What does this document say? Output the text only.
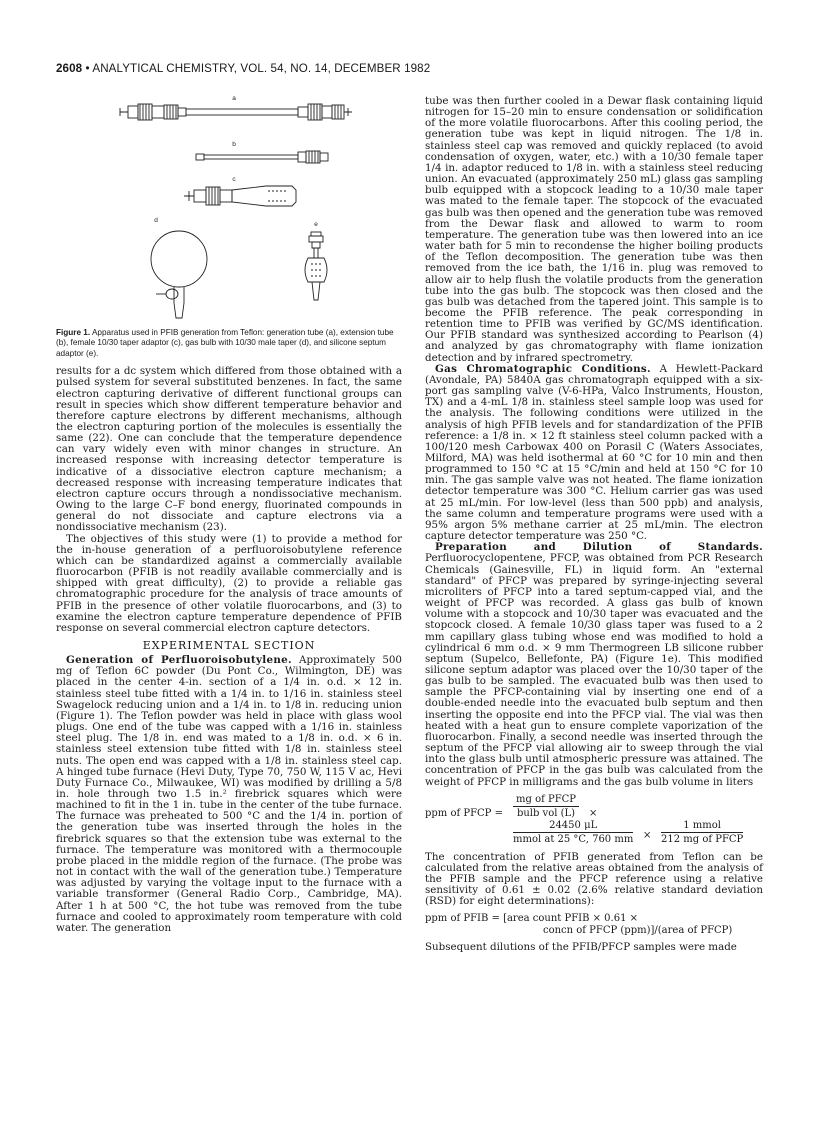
2608 • ANALYTICAL CHEMISTRY, VOL. 54, NO. 14, DECEMBER 1982
a
b
c
d
e
Figure 1. Apparatus used in PFIB generation from Teflon: generation tube (a), extension tube (b), female 10/30 taper adaptor (c), gas bulb with 10/30 male taper (d), and silicone septum adaptor (e).

results for a dc system which differed from those obtained with a pulsed system for several substituted benzenes. In fact, the same electron capturing derivative of different functional groups can result in species which show different temperature behavior and therefore capture electrons by different mechanisms, although the electron capturing portion of the molecules is essentially the same (22). One can conclude that the temperature dependence can vary widely even with minor changes in structure. An increased response with increasing detector temperature is indicative of a dissociative electron capture mechanism; a decreased response with increasing temperature indicates that electron capture occurs through a nondissociative mechanism. Owing to the large C–F bond energy, fluorinated compounds in general do not dissociate and capture electrons via a nondissociative mechanism (23).

The objectives of this study were (1) to provide a method for the in-house generation of a perfluoroisobutylene reference which can be standardized against a commercially available fluorocarbon (PFIB is not readily available commercially and is shipped with great difficulty), (2) to provide a reliable gas chromatographic procedure for the analysis of trace amounts of PFIB in the presence of other volatile fluorocarbons, and (3) to examine the electron capture temperature dependence of PFIB response on several commercial electron capture detectors.

EXPERIMENTAL SECTION

Generation of Perfluoroisobutylene. Approximately 500 mg of Teflon 6C powder (Du Pont Co., Wilmington, DE) was placed in the center 4-in. section of a 1/4 in. o.d. × 12 in. stainless steel tube fitted with a 1/4 in. to 1/16 in. stainless steel Swagelock reducing union and a 1/4 in. to 1/8 in. reducing union (Figure 1). The Teflon powder was held in place with glass wool plugs. One end of the tube was capped with a 1/16 in. stainless steel plug. The 1/8 in. end was mated to a 1/8 in. o.d. × 6 in. stainless steel extension tube fitted with 1/8 in. stainless steel nuts. The open end was capped with a 1/8 in. stainless steel cap. A hinged tube furnace (Hevi Duty, Type 70, 750 W, 115 V ac, Hevi Duty Furnace Co., Milwaukee, WI) was modified by drilling a 5/8 in. hole through two 1.5 in.² firebrick squares which were machined to fit in the 1 in. tube in the center of the tube furnace. The furnace was preheated to 500 °C and the 1/4 in. portion of the generation tube was inserted through the holes in the firebrick squares so that the extension tube was external to the furnace. The temperature was monitored with a thermocouple probe placed in the middle region of the furnace. (The probe was not in contact with the wall of the generation tube.) Temperature was adjusted by varying the voltage input to the furnace with a variable transformer (General Radio Corp., Cambridge, MA). After 1 h at 500 °C, the hot tube was removed from the tube furnace and cooled to approximately room temperature with cold water. The generation

tube was then further cooled in a Dewar flask containing liquid nitrogen for 15–20 min to ensure condensation or solidification of the more volatile fluorocarbons. After this cooling period, the generation tube was kept in liquid nitrogen. The 1/8 in. stainless steel cap was removed and quickly replaced (to avoid condensation of oxygen, water, etc.) with a 10/30 female taper 1/4 in. adaptor reduced to 1/8 in. with a stainless steel reducing union. An evacuated (approximately 250 mL) glass gas sampling bulb equipped with a stopcock leading to a 10/30 male taper was mated to the female taper. The stopcock of the evacuated gas bulb was then opened and the generation tube was removed from the Dewar flask and allowed to warm to room temperature. The generation tube was then lowered into an ice water bath for 5 min to recondense the higher boiling products of the Teflon decomposition. The generation tube was then removed from the ice bath, the 1/16 in. plug was removed to allow air to help flush the volatile products from the generation tube into the gas bulb. The stopcock was then closed and the gas bulb was detached from the tapered joint. This sample is to become the PFIB reference. The peak corresponding in retention time to PFIB was verified by GC/MS identification. Our PFIB standard was synthesized according to Pearlson (4) and analyzed by gas chromatography with flame ionization detection and by infrared spectrometry.

Gas Chromatographic Conditions. A Hewlett-Packard (Avondale, PA) 5840A gas chromatograph equipped with a six-port gas sampling valve (V-6-HPa, Valco Instruments, Houston, TX) and a 4-mL 1/8 in. stainless steel sample loop was used for the analysis. The following conditions were utilized in the analysis of high PFIB levels and for standardization of the PFIB reference: a 1/8 in. × 12 ft stainless steel column packed with a 100/120 mesh Carbowax 400 on Porasil C (Waters Associates, Milford, MA) was held isothermal at 60 °C for 10 min and then programmed to 150 °C at 15 °C/min and held at 150 °C for 10 min. The gas sample valve was not heated. The flame ionization detector temperature was 300 °C. Helium carrier gas was used at 25 mL/min. For low-level (less than 500 ppb) and analysis, the same column and temperature programs were used with a 95% argon 5% methane carrier at 25 mL/min. The electron capture detector temperature was 250 °C.

Preparation and Dilution of Standards. Perfluorocyclopentene, PFCP, was obtained from PCR Research Chemicals (Gainesville, FL) in liquid form. An "external standard" of PFCP was prepared by syringe-injecting several microliters of PFCP into a tared septum-capped vial, and the weight of PFCP was recorded. A glass gas bulb of known volume with a stopcock and 10/30 taper was evacuated and the stopcock closed. A female 10/30 glass taper was fused to a 2 mm capillary glass tubing whose end was modified to hold a cylindrical 6 mm o.d. × 9 mm Thermogreen LB silicone rubber septum (Supelco, Bellefonte, PA) (Figure 1e). This modified silicone septum adaptor was placed over the 10/30 taper of the gas bulb to be sampled. The evacuated bulb was then used to sample the PFCP-containing vial by inserting one end of a double-ended needle into the evacuated bulb septum and then inserting the opposite end into the PFCP vial. The vial was then heated with a heat gun to ensure complete vaporization of the fluorocarbon. Finally, a second needle was inserted through the septum of the PFCP vial allowing air to sweep through the vial into the glass bulb until atmospheric pressure was attained. The concentration of PFCP in the gas bulb was calculated from the weight of PFCP in milligrams and the gas bulb volume in liters

ppm of PFCP =
mg of PFCP
bulb vol (L)	×
24450 μL
mmol at 25 °C, 760 mm ×
1 mmol
212 mg of PFCP

The concentration of PFIB generated from Teflon can be calculated from the relative areas obtained from the analysis of the PFIB sample and the PFCP reference using a relative sensitivity of 0.61 ± 0.02 (2.6% relative standard deviation (RSD) for eight determinations):

ppm of PFIB = [area count PFIB × 0.61 ×
concn of PFCP (ppm)]/(area of PFCP)

Subsequent dilutions of the PFIB/PFCP samples were made
